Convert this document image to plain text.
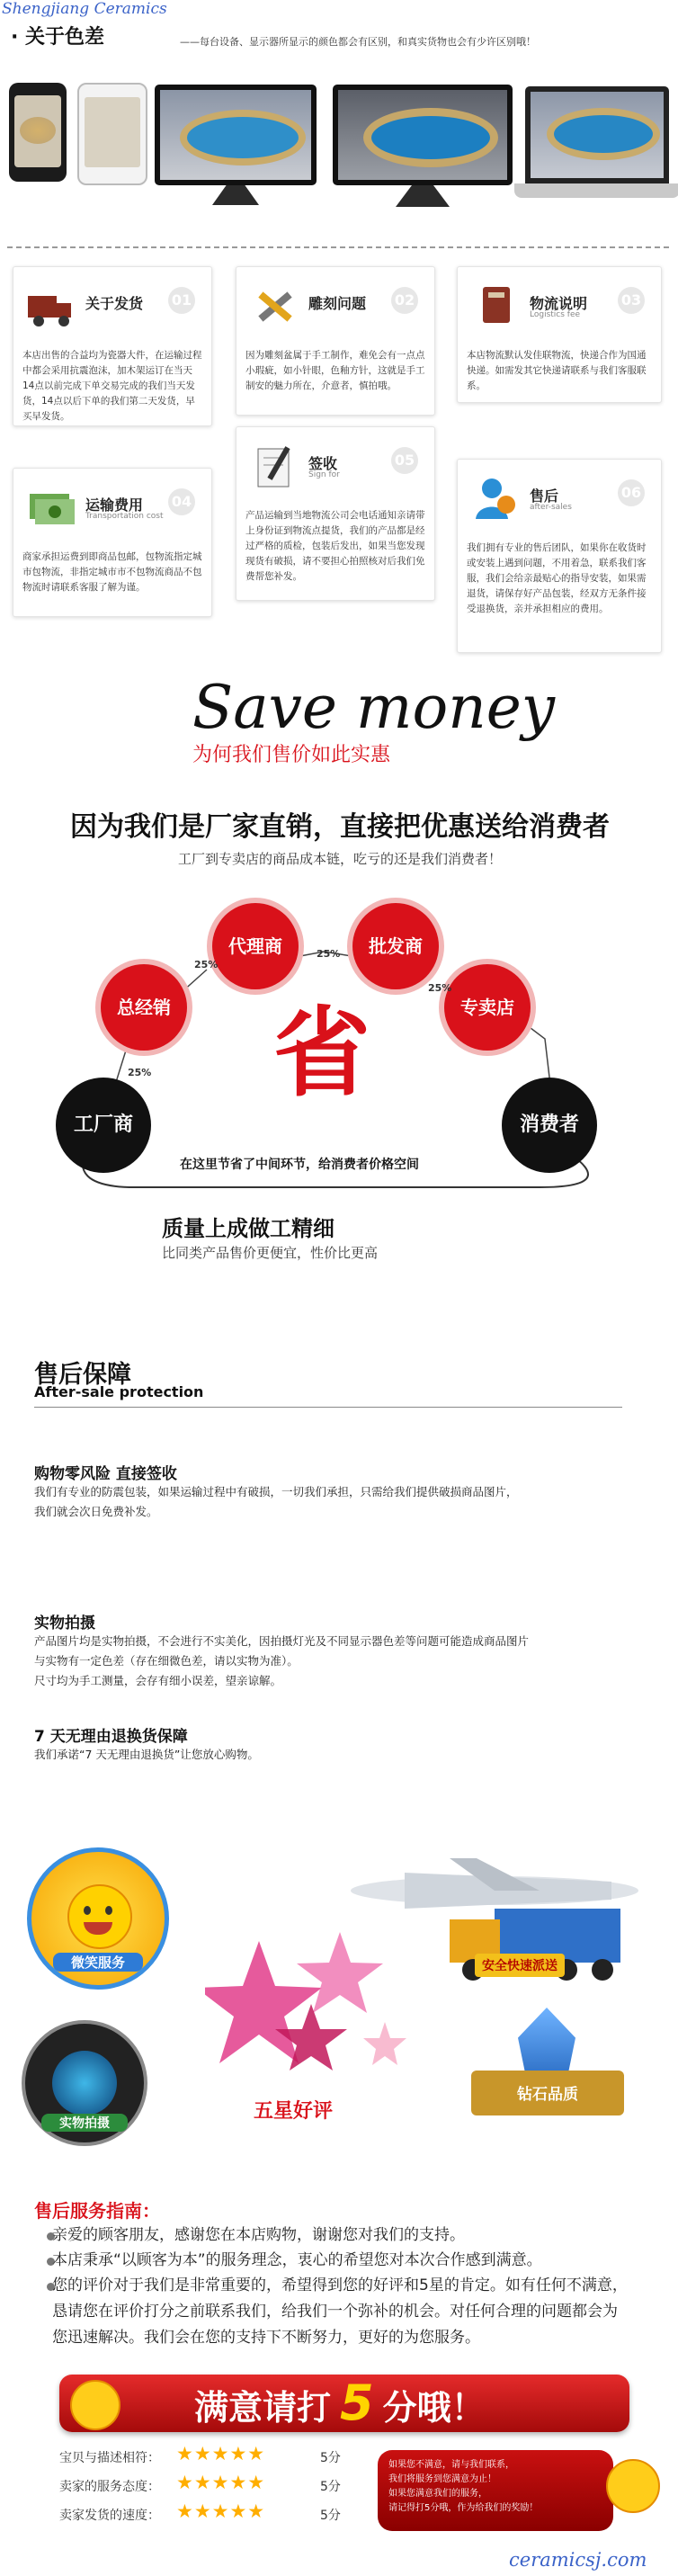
Shengjiang Ceramics
· 关于色差	——每台设备、显示器所显示的颜色都会有区别，和真实货物也会有少许区别哦！
关于发货 01
本店出售的合益均为瓷器大件，在运输过程中都会采用抗震泡沫，加木架运订在当天14点以前完成下单交易完成的我们当天发货，14点以后下单的我们第二天发货，早买早发货。
雕刻问题 02
因为雕刻盆属于手工制作，难免会有一点点小瑕疵，如小针眼，色釉方针，这就是手工制安的魅力所在，介意者，慎拍哦。
物流说明
Logistics fee
03
本店物流默认发佳联物流，快递合作为国通快递。如需发其它快递请联系与我们客服联系。
运输费用
Transportation cost
04
商家承担运费到即商品包邮，包物流指定城市包物流，非指定城市市不包物流商品不包物流时请联系客服了解为谨。
签收
Sign for
05
产品运输到当地物流公司会电话通知亲请带上身份证到物流点提货，我们的产品都是经过严格的质检，包装后发出，如果当您发现现货有破损，请不要担心拍照核对后我们免费帮您补发。
售后
after-sales
06
我们拥有专业的售后团队，如果你在收货时或安装上遇到问题，不用着急，联系我们客服，我们会给亲最贴心的指导安装，如果需退货，请保存好产品包装，经双方无条件接受退换货，亲并承担相应的费用。
Save money
为何我们售价如此实惠
因为我们是厂家直销，直接把优惠送给消费者
工厂到专卖店的商品成本链，吃亏的还是我们消费者！
工厂商
总经销
代理商	批发商
专卖店
消费者
25%
25%
25%
25%
省
在这里节省了中间环节，给消费者价格空间
质量上成做工精细
比同类产品售价更便宜，性价比更高
售后保障
After-sale protection
购物零风险 直接签收
我们有专业的防震包装，如果运输过程中有破损，一切我们承担，只需给我们提供破损商品图片，
我们就会次日免费补发。
实物拍摄
产品图片均是实物拍摄，不会进行不实美化，因拍摄灯光及不同显示器色差等问题可能造成商品图片
与实物有一定色差（存在细微色差，请以实物为准）。
尺寸均为手工测量，会存有细小误差，望亲谅解。
7 天无理由退换货保障
我们承诺“7 天无理由退换货”让您放心购物。
微笑服务	安全快速派送
实物拍摄
五星好评
钻石品质
售后服务指南：
亲爱的顾客朋友，感谢您在本店购物，谢谢您对我们的支持。
本店秉承“以顾客为本”的服务理念，衷心的希望您对本次合作感到满意。
您的评价对于我们是非常重要的，希望得到您的好评和5星的肯定。如有任何不满意，恳请您在评价打分之前联系我们，给我们一个弥补的机会。对任何合理的问题都会为您迅速解决。我们会在您的支持下不断努力，更好的为您服务。
满意请打 5 分哦！
宝贝与描述相符： ★★★★★	5分
卖家的服务态度： ★★★★★	5分
卖家发货的速度： ★★★★★	5分
如果您不满意，请与我们联系，
我们将服务到您满意为止！
如果您满意我们的服务，
请记得打5分哦，作为给我们的奖励！
ceramicsj.com
